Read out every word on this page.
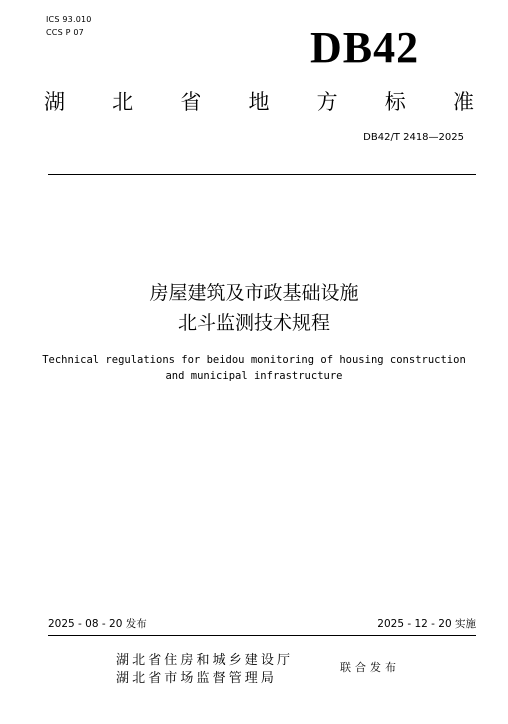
ICS 93.010
CCS P 07	DB42
湖 北 省 地 方 标 准
DB42/T 2418—2025
房屋建筑及市政基础设施
北斗监测技术规程
Technical regulations for beidou monitoring of housing construction
and municipal infrastructure
2025 - 08 - 20 发布	2025 - 12 - 20 实施
湖北省住房和城乡建设厅
湖北省市场监督管理局
联合发布
